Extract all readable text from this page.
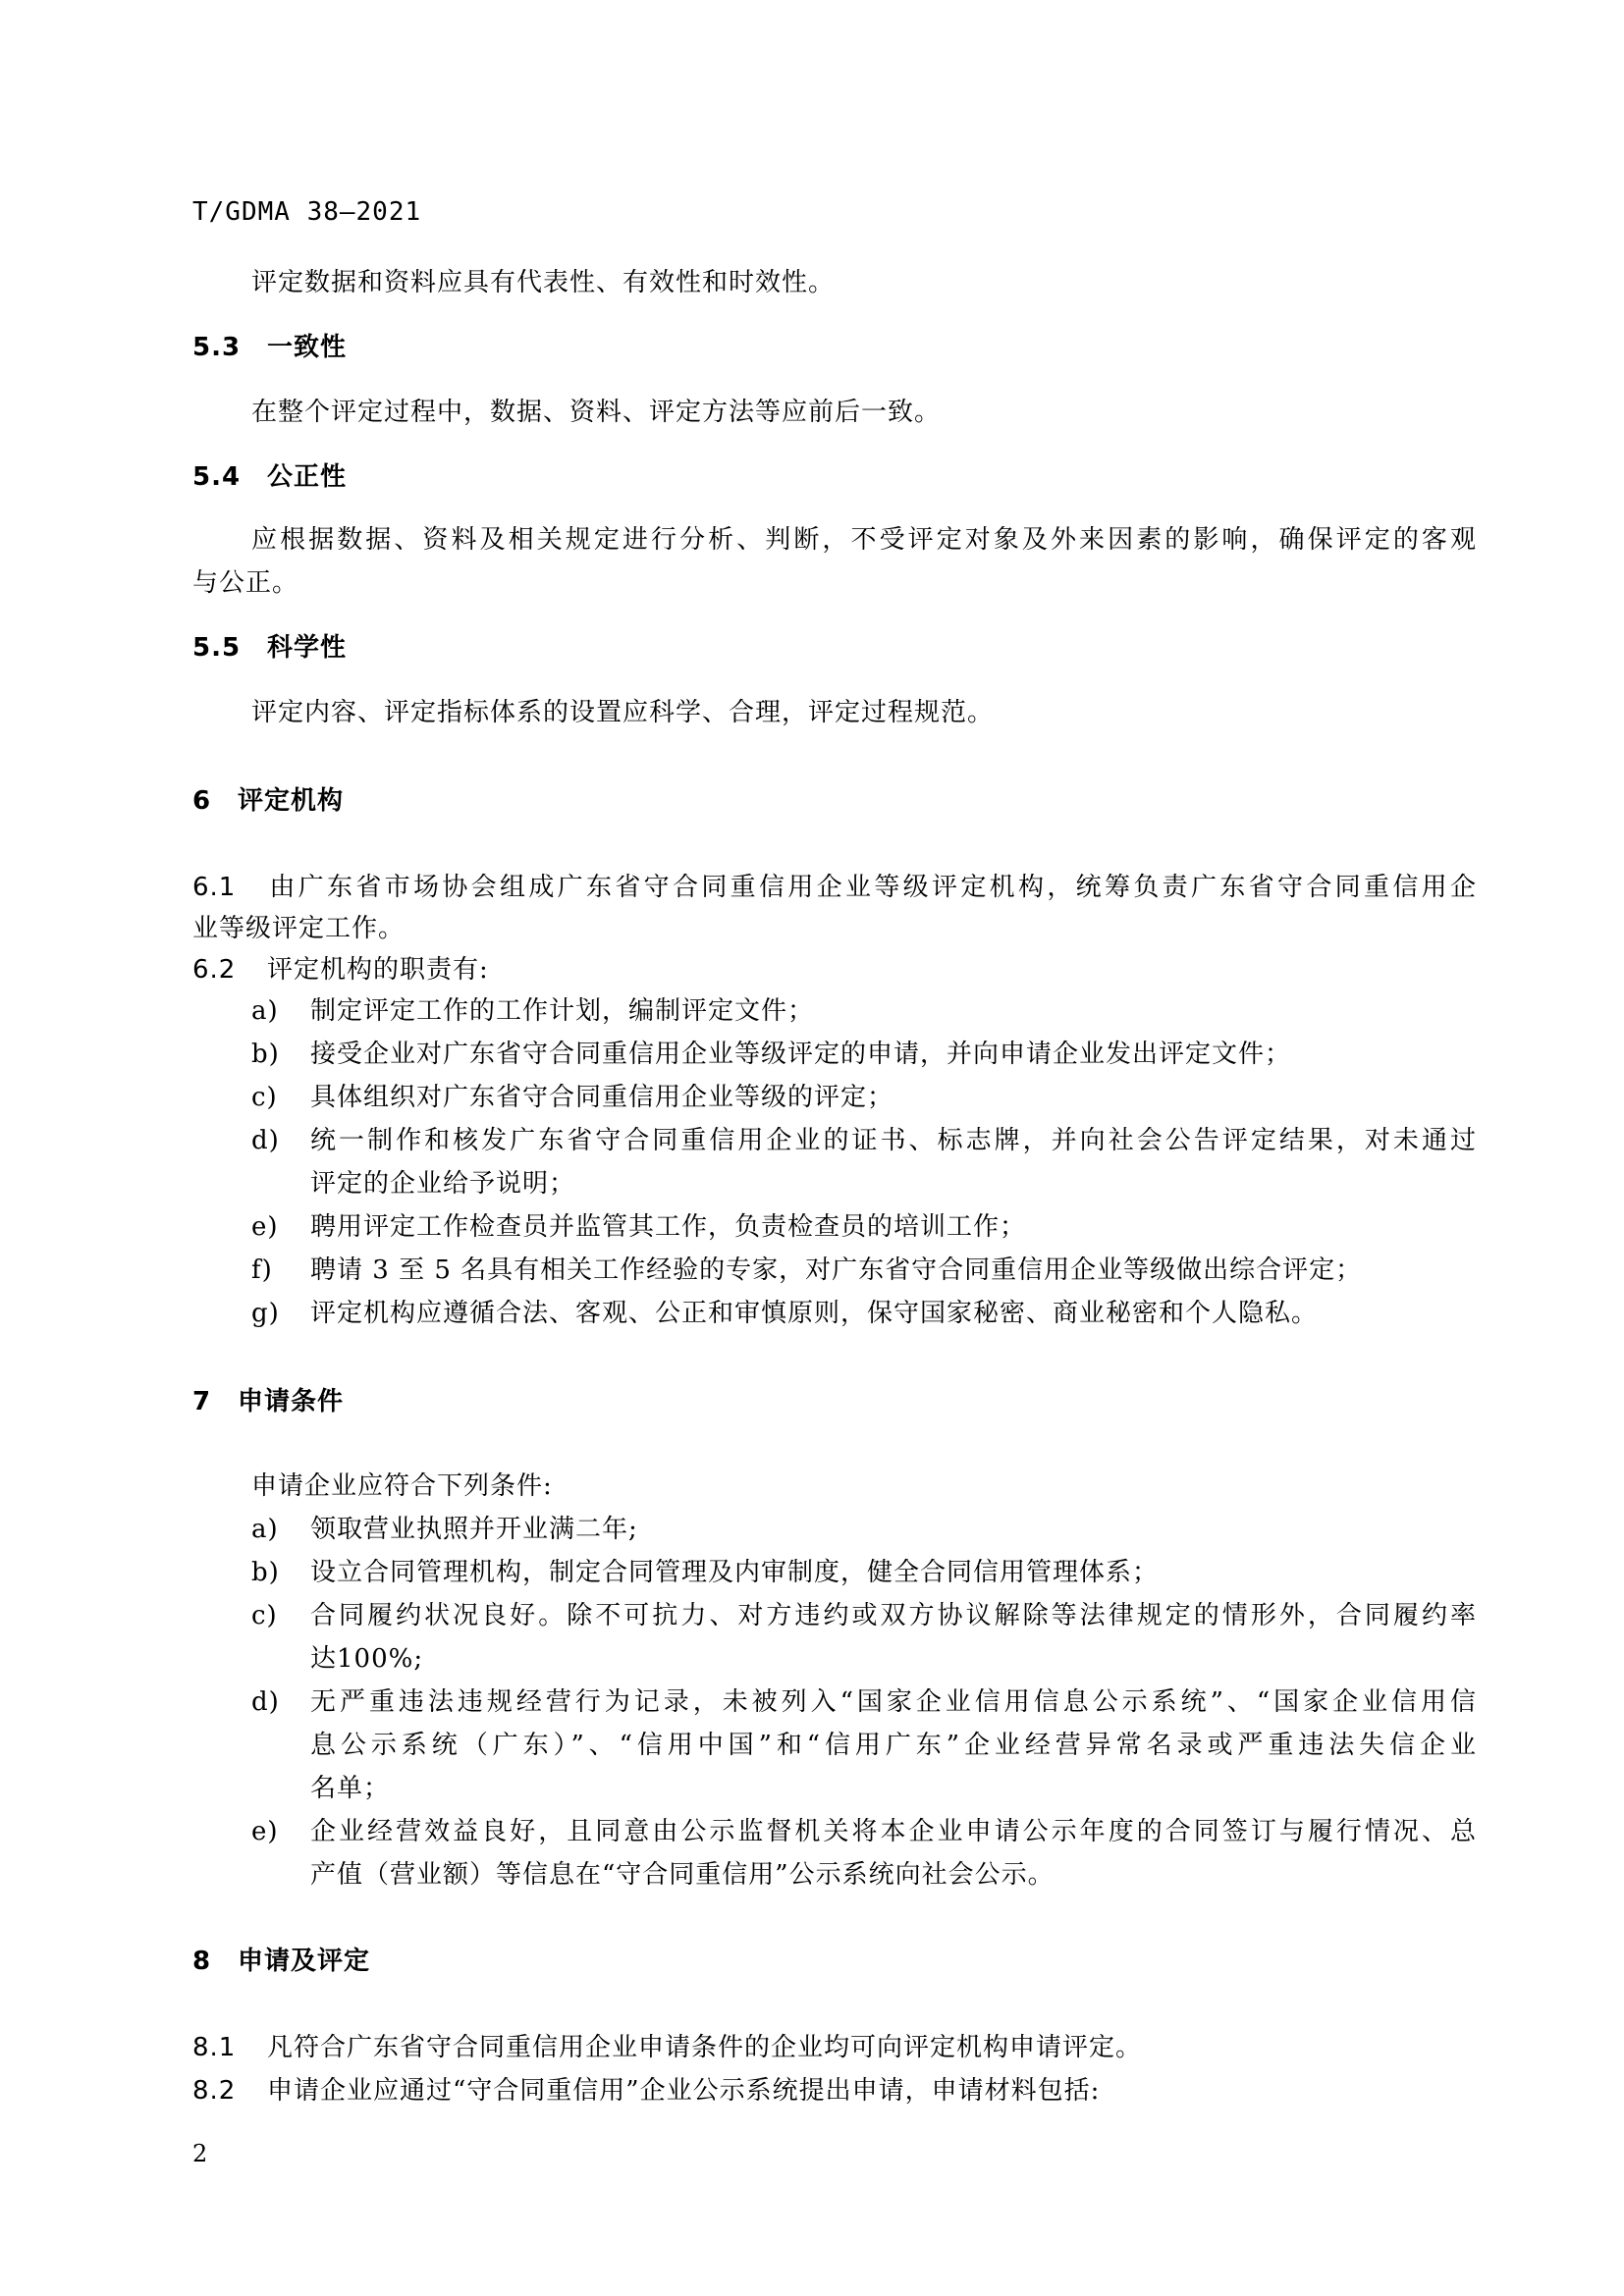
T/GDMA 38—2021
评定数据和资料应具有代表性、有效性和时效性。
5.3 一致性
在整个评定过程中，数据、资料、评定方法等应前后一致。
5.4 公正性
应根据数据、资料及相关规定进行分析、判断，不受评定对象及外来因素的影响，确保评定的客观
与公正。
5.5 科学性
评定内容、评定指标体系的设置应科学、合理，评定过程规范。
6 评定机构
6.1 由广东省市场协会组成广东省守合同重信用企业等级评定机构，统筹负责广东省守合同重信用企
业等级评定工作。
6.2 评定机构的职责有:
a) 制定评定工作的工作计划，编制评定文件；
b) 接受企业对广东省守合同重信用企业等级评定的申请，并向申请企业发出评定文件；
c) 具体组织对广东省守合同重信用企业等级的评定；
d) 统一制作和核发广东省守合同重信用企业的证书、标志牌，并向社会公告评定结果，对未通过
评定的企业给予说明；
e) 聘用评定工作检查员并监管其工作，负责检查员的培训工作；
f) 聘请 3 至 5 名具有相关工作经验的专家，对广东省守合同重信用企业等级做出综合评定；
g) 评定机构应遵循合法、客观、公正和审慎原则，保守国家秘密、商业秘密和个人隐私。
7 申请条件
申请企业应符合下列条件:
a) 领取营业执照并开业满二年;
b) 设立合同管理机构，制定合同管理及内审制度，健全合同信用管理体系；
c) 合同履约状况良好。除不可抗力、对方违约或双方协议解除等法律规定的情形外，合同履约率
达100%;
d) 无严重违法违规经营行为记录，未被列入“国家企业信用信息公示系统”、“国家企业信用信
息公示系统（广东）”、“信用中国”和“信用广东”企业经营异常名录或严重违法失信企业
名单；
e) 企业经营效益良好，且同意由公示监督机关将本企业申请公示年度的合同签订与履行情况、总
产值（营业额）等信息在“守合同重信用”公示系统向社会公示。
8 申请及评定
8.1 凡符合广东省守合同重信用企业申请条件的企业均可向评定机构申请评定。
8.2 申请企业应通过“守合同重信用”企业公示系统提出申请，申请材料包括:
2
